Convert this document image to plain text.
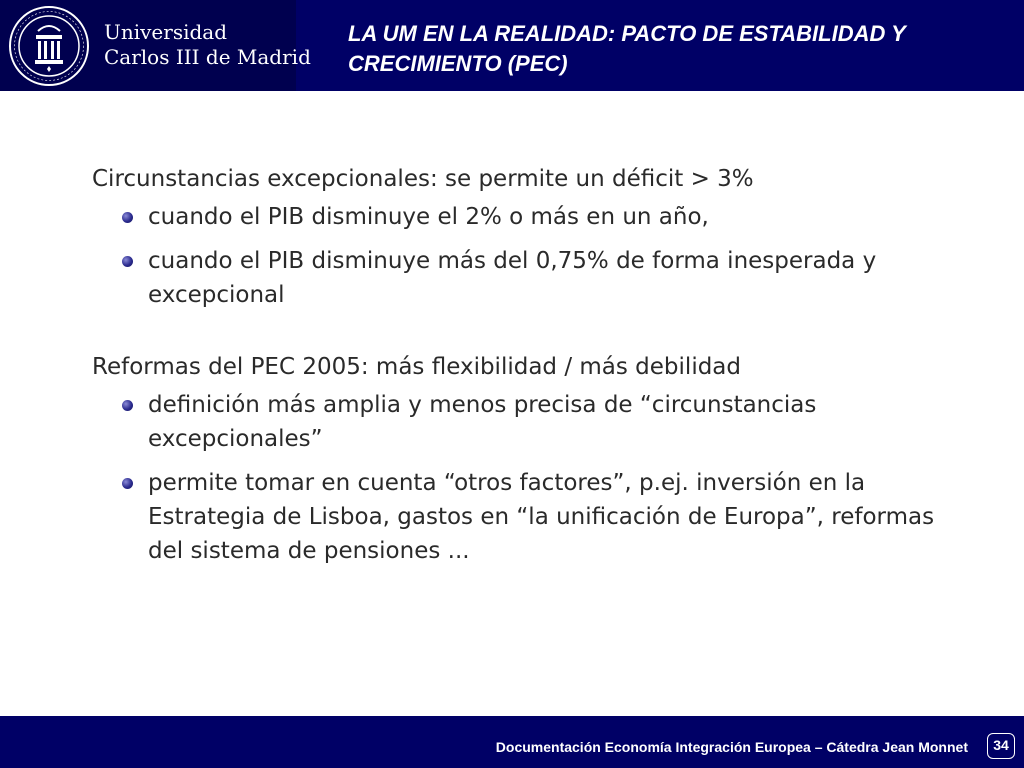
Universidad
Carlos III de Madrid
LA UM EN LA REALIDAD: PACTO DE ESTABILIDAD Y
CRECIMIENTO (PEC)

Circunstancias excepcionales: se permite un déficit > 3%

cuando el PIB disminuye el 2% o más en un año,
cuando el PIB disminuye más del 0,75% de forma inesperada y
excepcional

Reformas del PEC 2005: más flexibilidad / más debilidad

definición más amplia y menos precisa de “circunstancias
excepcionales”
permite tomar en cuenta “otros factores”, p.ej. inversión en la
Estrategia de Lisboa, gastos en “la unificación de Europa”, reformas
del sistema de pensiones ...
Documentación Economía Integración Europea – Cátedra Jean Monnet	34
